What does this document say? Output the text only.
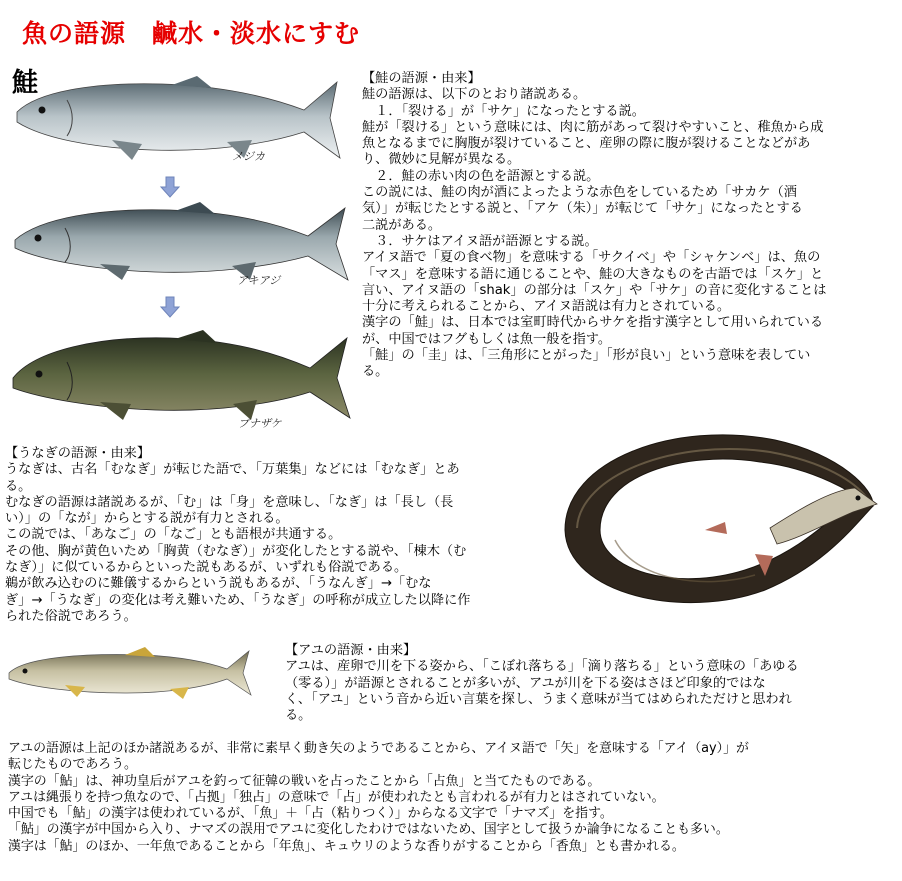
魚の語源　鹹水・淡水にすむ
鮭
メジカ
アキアジ
ブナザケ
【鮭の語源・由来】
鮭の語源は、以下のとおり諸説ある。
　１．「裂ける」が「サケ」になったとする説。
鮭が「裂ける」という意味には、肉に筋があって裂けやすいこと、稚魚から成
魚となるまでに胸腹が裂けていること、産卵の際に腹が裂けることなどがあ
り、微妙に見解が異なる。
　２．鮭の赤い肉の色を語源とする説。
この説には、鮭の肉が酒によったような赤色をしているため「サカケ（酒
気）」が転じたとする説と、「アケ（朱）」が転じて「サケ」になったとする
二説がある。
　３．サケはアイヌ語が語源とする説。
アイヌ語で「夏の食べ物」を意味する「サクイベ」や「シャケンベ」は、魚の
「マス」を意味する語に通じることや、鮭の大きなものを古語では「スケ」と
言い、アイヌ語の「shak」の部分は「スケ」や「サケ」の音に変化することは
十分に考えられることから、アイヌ語説は有力とされている。
漢字の「鮭」は、日本では室町時代からサケを指す漢字として用いられている
が、中国ではフグもしくは魚一般を指す。
「鮭」の「圭」は、「三角形にとがった」「形が良い」という意味を表してい
る。
【うなぎの語源・由来】
うなぎは、古名「むなぎ」が転じた語で、「万葉集」などには「むなぎ」とあ
る。
むなぎの語源は諸説あるが、「む」は「身」を意味し、「なぎ」は「長し（長
い）」の「なが」からとする説が有力とされる。
この説では、「あなご」の「なご」とも語根が共通する。
その他、胸が黄色いため「胸黄（むなぎ）」が変化したとする説や、「棟木（む
なぎ）」に似ているからといった説もあるが、いずれも俗説である。
鵜が飲み込むのに難儀するからという説もあるが、「うなんぎ」→「むな
ぎ」→「うなぎ」の変化は考え難いため、「うなぎ」の呼称が成立した以降に作
られた俗説であろう。
【アユの語源・由来】
アユは、産卵で川を下る姿から、「こぼれ落ちる」「滴り落ちる」という意味の「あゆる
（零る）」が語源とされることが多いが、アユが川を下る姿はさほど印象的ではな
く、「アユ」という音から近い言葉を探し、うまく意味が当てはめられただけと思われ
る。
アユの語源は上記のほか諸説あるが、非常に素早く動き矢のようであることから、アイヌ語で「矢」を意味する「アイ（ay）」が
転じたものであろう。
漢字の「鮎」は、神功皇后がアユを釣って征韓の戦いを占ったことから「占魚」と当てたものである。
アユは縄張りを持つ魚なので、「占拠」「独占」の意味で「占」が使われたとも言われるが有力とはされていない。
中国でも「鮎」の漢字は使われているが、「魚」＋「占（粘りつく）」からなる文字で「ナマズ」を指す。
「鮎」の漢字が中国から入り、ナマズの誤用でアユに変化したわけではないため、国字として扱うか論争になることも多い。
漢字は「鮎」のほか、一年魚であることから「年魚」、キュウリのような香りがすることから「香魚」とも書かれる。
